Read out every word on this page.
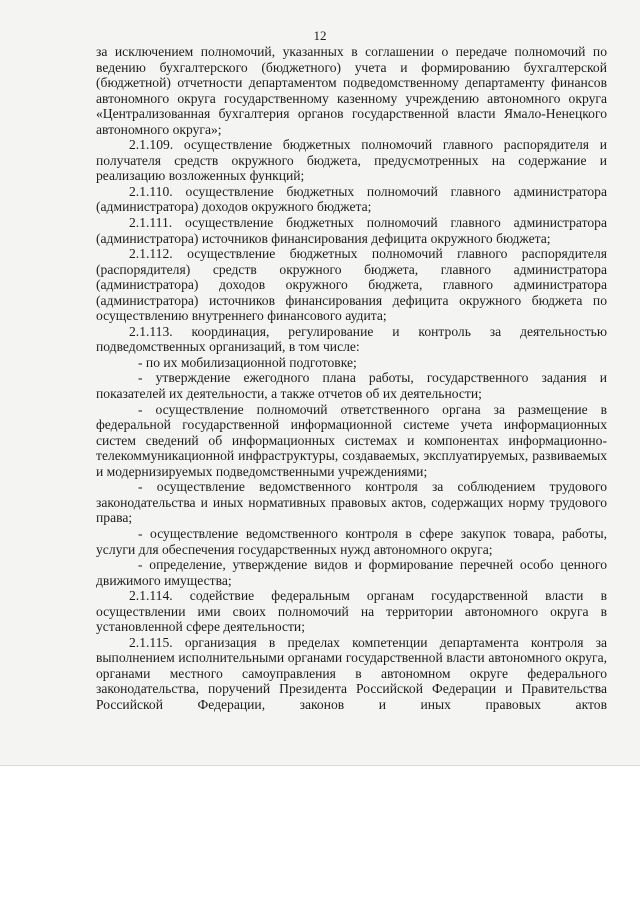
12

за исключением полномочий, указанных в соглашении о передаче полномочий по ведению бухгалтерского (бюджетного) учета и формированию бухгалтерской (бюджетной) отчетности департаментом подведомственному департаменту финансов автономного округа государственному казенному учреждению автономного округа «Централизованная бухгалтерия органов государственной власти Ямало-Ненецкого автономного округа»;

2.1.109. осуществление бюджетных полномочий главного распорядителя и получателя средств окружного бюджета, предусмотренных на содержание и реализацию возложенных функций;

2.1.110. осуществление бюджетных полномочий главного администратора (администратора) доходов окружного бюджета;

2.1.111. осуществление бюджетных полномочий главного администратора (администратора) источников финансирования дефицита окружного бюджета;

2.1.112. осуществление бюджетных полномочий главного распорядителя (распорядителя) средств окружного бюджета, главного администратора (администратора) доходов окружного бюджета, главного администратора (администратора) источников финансирования дефицита окружного бюджета по осуществлению внутреннего финансового аудита;

2.1.113. координация, регулирование и контроль за деятельностью подведомственных организаций, в том числе:

- по их мобилизационной подготовке;

- утверждение ежегодного плана работы, государственного задания и показателей их деятельности, а также отчетов об их деятельности;

- осуществление полномочий ответственного органа за размещение в федеральной государственной информационной системе учета информационных систем сведений об информационных системах и компонентах информационно-телекоммуникационной инфраструктуры, создаваемых, эксплуатируемых, развиваемых и модернизируемых подведомственными учреждениями;

- осуществление ведомственного контроля за соблюдением трудового законодательства и иных нормативных правовых актов, содержащих норму трудового права;

- осуществление ведомственного контроля в сфере закупок товара, работы, услуги для обеспечения государственных нужд автономного округа;

- определение, утверждение видов и формирование перечней особо ценного движимого имущества;

2.1.114. содействие федеральным органам государственной власти в осуществлении ими своих полномочий на территории автономного округа в установленной сфере деятельности;

2.1.115. организация в пределах компетенции департамента контроля за выполнением исполнительными органами государственной власти автономного округа, органами местного самоуправления в автономном округе федерального законодательства, поручений Президента Российской Федерации и Правительства Российской Федерации, законов и иных правовых актов
